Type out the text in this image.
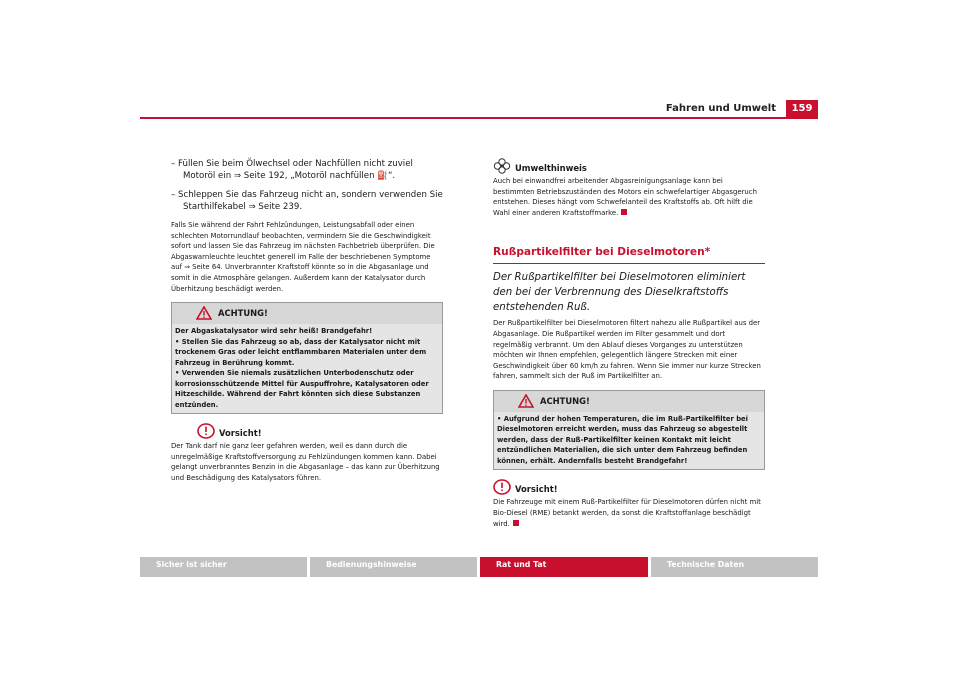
Fahren und Umwelt	159

– Füllen Sie beim Ölwechsel oder Nachfüllen nicht zuviel Motoröl ein ⇒ Seite 192, „Motoröl nachfüllen ⛽“.

– Schleppen Sie das Fahrzeug nicht an, sondern verwenden Sie Starthilfekabel ⇒ Seite 239.

Falls Sie während der Fahrt Fehlzündungen, Leistungsabfall oder einen schlechten Motorrundlauf beobachten, vermindern Sie die Geschwindigkeit sofort und lassen Sie das Fahrzeug im nächsten Fachbetrieb überprüfen. Die Abgaswarnleuchte leuchtet generell im Falle der beschriebenen Symptome auf ⇒ Seite 64. Unverbrannter Kraftstoff könnte so in die Abgasanlage und somit in die Atmosphäre gelangen. Außerdem kann der Katalysator durch Überhitzung beschädigt werden.

ACHTUNG!

Der Abgaskatalysator wird sehr heiß! Brandgefahr!

• Stellen Sie das Fahrzeug so ab, dass der Katalysator nicht mit trockenem Gras oder leicht entflammbaren Materialen unter dem Fahrzeug in Berührung kommt.

• Verwenden Sie niemals zusätzlichen Unterbodenschutz oder korrosionsschützende Mittel für Auspuffrohre, Katalysatoren oder Hitzeschilde. Während der Fahrt könnten sich diese Substanzen entzünden.

Vorsicht!

Der Tank darf nie ganz leer gefahren werden, weil es dann durch die unregelmäßige Kraftstoffversorgung zu Fehlzündungen kommen kann. Dabei gelangt unverbranntes Benzin in die Abgasanlage – das kann zur Überhitzung und Beschädigung des Katalysators führen.

Umwelthinweis

Auch bei einwandfrei arbeitender Abgasreinigungsanlage kann bei bestimmten Betriebszuständen des Motors ein schwefelartiger Abgasgeruch entstehen. Dieses hängt vom Schwefelanteil des Kraftstoffs ab. Oft hilft die Wahl einer anderen Kraftstoffmarke.

Rußpartikelfilter bei Dieselmotoren*

Der Rußpartikelfilter bei Dieselmotoren eliminiert den bei der Verbrennung des Dieselkraftstoffs entstehenden Ruß.

Der Rußpartikelfilter bei Dieselmotoren filtert nahezu alle Rußpartikel aus der Abgasanlage. Die Rußpartikel werden im Filter gesammelt und dort regelmäßig verbrannt. Um den Ablauf dieses Vorganges zu unterstützen möchten wir Ihnen empfehlen, gelegentlich längere Strecken mit einer Geschwindigkeit über 60 km/h zu fahren. Wenn Sie immer nur kurze Strecken fahren, sammelt sich der Ruß im Partikelfilter an.

ACHTUNG!

• Aufgrund der hohen Temperaturen, die im Ruß-Partikelfilter bei Dieselmotoren erreicht werden, muss das Fahrzeug so abgestellt werden, dass der Ruß-Partikelfilter keinen Kontakt mit leicht entzündlichen Materialien, die sich unter dem Fahrzeug befinden können, erhält. Andernfalls besteht Brandgefahr!

Vorsicht!

Die Fahrzeuge mit einem Ruß-Partikelfilter für Dieselmotoren dürfen nicht mit Bio-Diesel (RME) betankt werden, da sonst die Kraftstoffanlage beschädigt wird.

Sicher ist sicher	Bedienungshinweise	Rat und Tat	Technische Daten
